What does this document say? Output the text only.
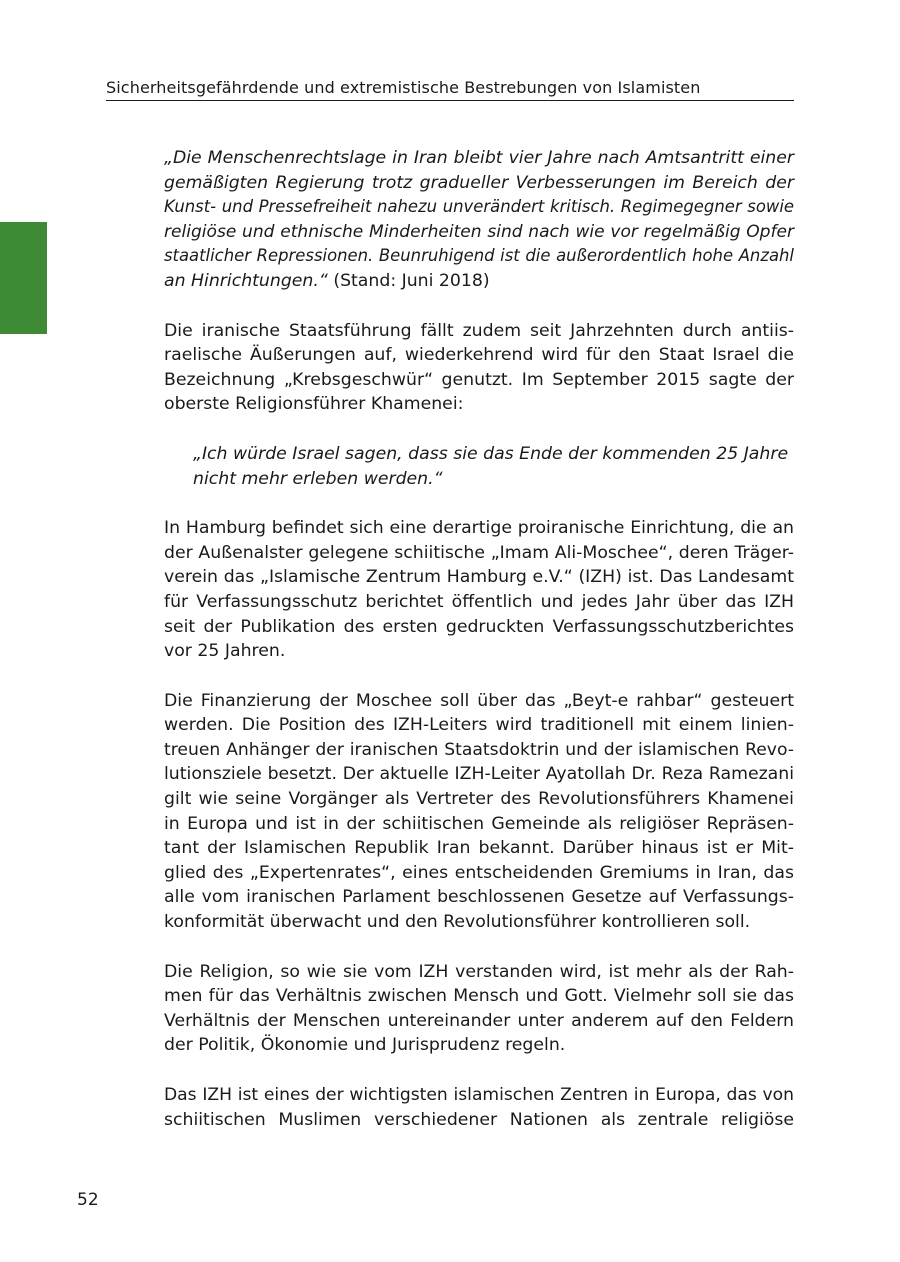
Sicherheitsgefährdende und extremistische Bestrebungen von Islamisten

„Die Menschenrechtslage in Iran bleibt vier Jahre nach Amtsantritt einer
gemäßigten Regierung trotz gradueller Verbesserungen im Bereich der
Kunst- und Pressefreiheit nahezu unverändert kritisch. Regimegegner sowie
religiöse und ethnische Minderheiten sind nach wie vor regelmäßig Opfer
staatlicher Repressionen. Beunruhigend ist die außerordentlich hohe Anzahl
an Hinrichtungen.“ (Stand: Juni 2018)

Die iranische Staatsführung fällt zudem seit Jahrzehnten durch antiis-
raelische Äußerungen auf, wiederkehrend wird für den Staat Israel die
Bezeichnung „Krebsgeschwür“ genutzt. Im September 2015 sagte der
oberste Religionsführer Khamenei:

„Ich würde Israel sagen, dass sie das Ende der kommenden 25 Jahre
nicht mehr erleben werden.“

In Hamburg befindet sich eine derartige proiranische Einrichtung, die an
der Außenalster gelegene schiitische „Imam Ali-Moschee“, deren Träger-
verein das „Islamische Zentrum Hamburg e.V.“ (IZH) ist. Das Landesamt
für Verfassungsschutz berichtet öffentlich und jedes Jahr über das IZH
seit der Publikation des ersten gedruckten Verfassungsschutzberichtes
vor 25 Jahren.

Die Finanzierung der Moschee soll über das „Beyt-e rahbar“ gesteuert
werden. Die Position des IZH-Leiters wird traditionell mit einem linien-
treuen Anhänger der iranischen Staatsdoktrin und der islamischen Revo-
lutionsziele besetzt. Der aktuelle IZH-Leiter Ayatollah Dr. Reza Ramezani
gilt wie seine Vorgänger als Vertreter des Revolutionsführers Khamenei
in Europa und ist in der schiitischen Gemeinde als religiöser Repräsen-
tant der Islamischen Republik Iran bekannt. Darüber hinaus ist er Mit-
glied des „Expertenrates“, eines entscheidenden Gremiums in Iran, das
alle vom iranischen Parlament beschlossenen Gesetze auf Verfassungs-
konformität überwacht und den Revolutionsführer kontrollieren soll.

Die Religion, so wie sie vom IZH verstanden wird, ist mehr als der Rah-
men für das Verhältnis zwischen Mensch und Gott. Vielmehr soll sie das
Verhältnis der Menschen untereinander unter anderem auf den Feldern
der Politik, Ökonomie und Jurisprudenz regeln.

Das IZH ist eines der wichtigsten islamischen Zentren in Europa, das von
schiitischen Muslimen verschiedener Nationen als zentrale religiöse

52
